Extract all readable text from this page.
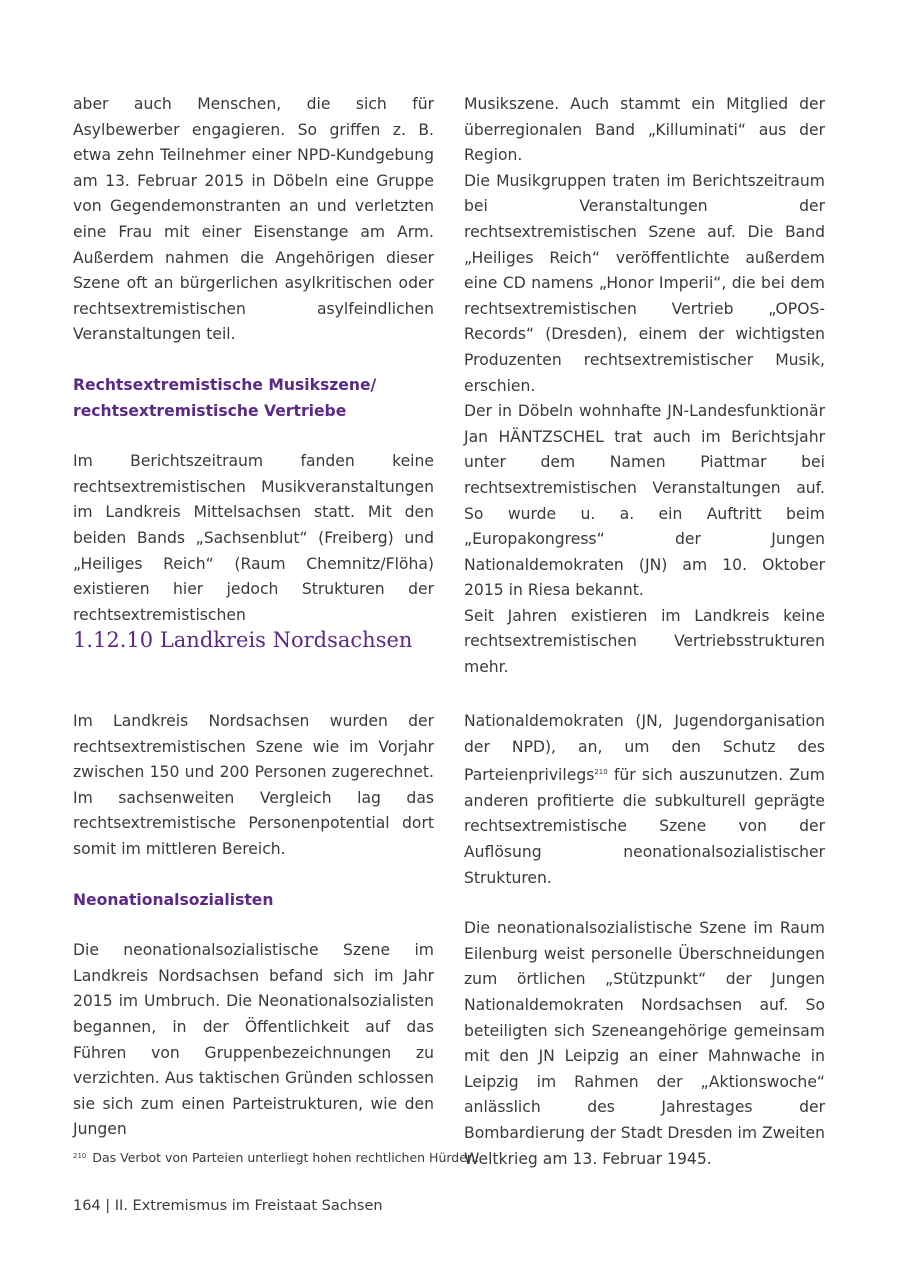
aber auch Menschen, die sich für Asylbewerber engagieren. So griffen z. B. etwa zehn Teilnehmer einer NPD-Kundgebung am 13. Februar 2015 in Döbeln eine Gruppe von Gegendemonstranten an und verletzten eine Frau mit einer Eisenstange am Arm. Außerdem nahmen die Angehörigen dieser Szene oft an bürgerlichen asylkritischen oder rechtsextremistischen asylfeindlichen Veranstaltungen teil.

Rechtsextremistische Musikszene/

rechtsextremistische Vertriebe

Im Berichtszeitraum fanden keine rechtsextremistischen Musikveranstaltungen im Landkreis Mittelsachsen statt. Mit den beiden Bands „Sachsenblut“ (Freiberg) und „Heiliges Reich“ (Raum Chemnitz/Flöha) existieren hier jedoch Strukturen der rechtsextremistischen

Musikszene. Auch stammt ein Mitglied der überregionalen Band „Killuminati“ aus der Region.

Die Musikgruppen traten im Berichtszeitraum bei Veranstaltungen der rechtsextremistischen Szene auf. Die Band „Heiliges Reich“ veröffentlichte außerdem eine CD namens „Honor Imperii“, die bei dem rechtsextremistischen Vertrieb „OPOS-Records“ (Dresden), einem der wichtigsten Produzenten rechtsextremistischer Musik, erschien.

Der in Döbeln wohnhafte JN-Landesfunktionär Jan HÄNTZSCHEL trat auch im Berichtsjahr unter dem Namen Piattmar bei rechtsextremistischen Veranstaltungen auf. So wurde u. a. ein Auftritt beim „Europakongress“ der Jungen Nationaldemokraten (JN) am 10. Oktober 2015 in Riesa bekannt.

Seit Jahren existieren im Landkreis keine rechtsextremistischen Vertriebsstrukturen mehr.

1.12.10 Landkreis Nordsachsen

Im Landkreis Nordsachsen wurden der rechtsextremistischen Szene wie im Vorjahr zwischen 150 und 200 Personen zugerechnet. Im sachsenweiten Vergleich lag das rechtsextremistische Personenpotential dort somit im mittleren Bereich.

Neonationalsozialisten

Die neonationalsozialistische Szene im Landkreis Nordsachsen befand sich im Jahr 2015 im Umbruch. Die Neonationalsozialisten begannen, in der Öffentlichkeit auf das Führen von Gruppenbezeichnungen zu verzichten. Aus taktischen Gründen schlossen sie sich zum einen Parteistrukturen, wie den Jungen

Nationaldemokraten (JN, Jugendorganisation der NPD), an, um den Schutz des Parteienprivilegs$^{210}$ für sich auszunutzen. Zum anderen profitierte die subkulturell geprägte rechtsextremistische Szene von der Auflösung neonationalsozialistischer Strukturen.

Die neonationalsozialistische Szene im Raum Eilenburg weist personelle Überschneidungen zum örtlichen „Stützpunkt“ der Jungen Nationaldemokraten Nordsachsen auf. So beteiligten sich Szeneangehörige gemeinsam mit den JN Leipzig an einer Mahnwache in Leipzig im Rahmen der „Aktionswoche“ anlässlich des Jahrestages der Bombardierung der Stadt Dresden im Zweiten Weltkrieg am 13. Februar 1945.

$^{210}$ Das Verbot von Parteien unterliegt hohen rechtlichen Hürden.
164 | II. Extremismus im Freistaat Sachsen
